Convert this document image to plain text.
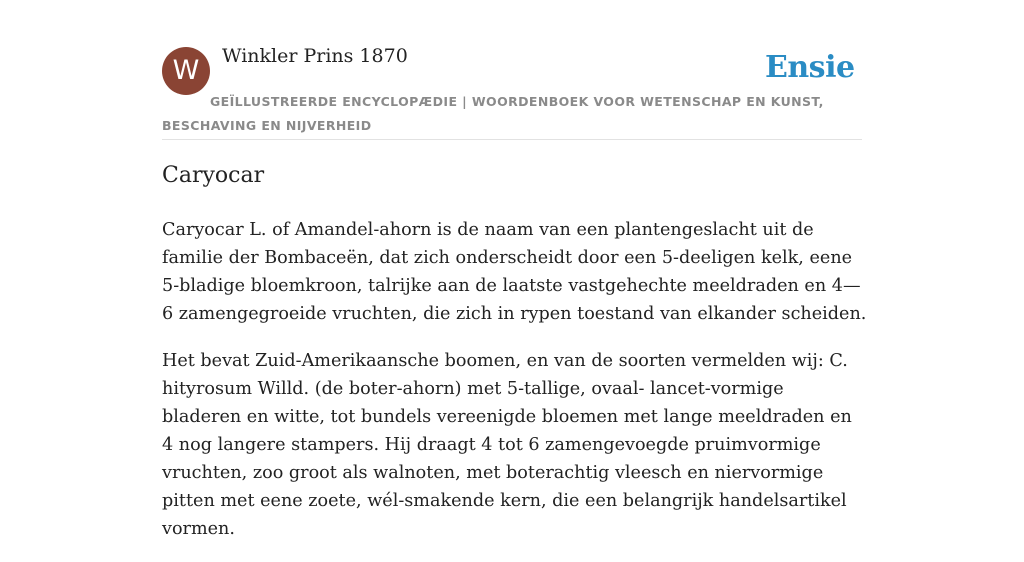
W	Winkler Prins 1870	Ensie
GEÏLLUSTREERDE ENCYCLOPÆDIE | WOORDENBOEK VOOR WETENSCHAP EN KUNST, BESCHAVING EN NIJVERHEID
Caryocar

Caryocar L. of Amandel-ahorn is de naam van een plantengeslacht uit de familie der Bombaceën, dat zich onderscheidt door een 5-deeligen kelk, eene 5-bladige bloemkroon, talrijke aan de laatste vastgehechte meeldraden en 4—6 zamengegroeide vruchten, die zich in rypen toestand van elkander scheiden.

Het bevat Zuid-Amerikaansche boomen, en van de soorten vermelden wij: C. hityrosum Willd. (de boter-ahorn) met 5-tallige, ovaal- lancet-vormige bladeren en witte, tot bundels vereenigde bloemen met lange meeldraden en 4 nog langere stampers. Hij draagt 4 tot 6 zamengevoegde pruimvormige vruchten, zoo groot als walnoten, met boterachtig vleesch en niervormige pitten met eene zoete, wél-smakende kern, die een belangrijk handelsartikel vormen.
